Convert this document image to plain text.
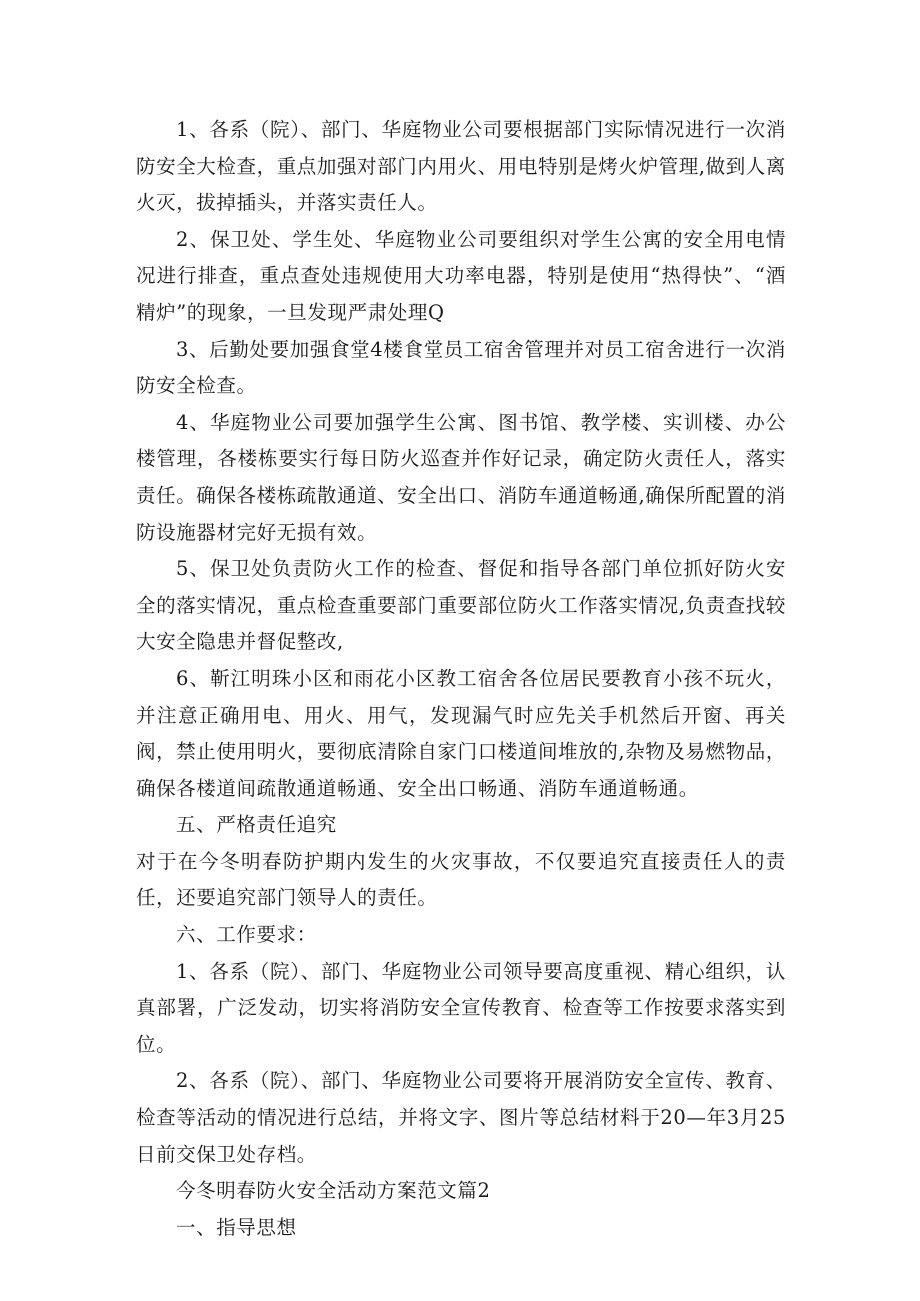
1、各系（院）、部门、华庭物业公司要根据部门实际情况进行一次消防安全大检查，重点加强对部门内用火、用电特别是烤火炉管理,做到人离火灭，拔掉插头，并落实责任人。

2、保卫处、学生处、华庭物业公司要组织对学生公寓的安全用电情况进行排查，重点查处违规使用大功率电器，特别是使用“热得快”、“酒精炉”的现象，一旦发现严肃处理Q

3、后勤处要加强食堂4楼食堂员工宿舍管理并对员工宿舍进行一次消防安全检查。

4、华庭物业公司要加强学生公寓、图书馆、教学楼、实训楼、办公楼管理，各楼栋要实行每日防火巡查并作好记录，确定防火责任人，落实责任。确保各楼栋疏散通道、安全出口、消防车通道畅通,确保所配置的消防设施器材完好无损有效。

5、保卫处负责防火工作的检查、督促和指导各部门单位抓好防火安全的落实情况，重点检查重要部门重要部位防火工作落实情况,负责查找较大安全隐患并督促整改,

6、靳江明珠小区和雨花小区教工宿舍各位居民要教育小孩不玩火，并注意正确用电、用火、用气，发现漏气时应先关手机然后开窗、再关阀，禁止使用明火，要彻底清除自家门口楼道间堆放的,杂物及易燃物品，确保各楼道间疏散通道畅通、安全出口畅通、消防车通道畅通。

五、严格责任追究

对于在今冬明春防护期内发生的火灾事故，不仅要追究直接责任人的责任，还要追究部门领导人的责任。

六、工作要求：

1、各系（院）、部门、华庭物业公司领导要高度重视、精心组织，认真部署，广泛发动，切实将消防安全宣传教育、检查等工作按要求落实到位。

2、各系（院）、部门、华庭物业公司要将开展消防安全宣传、教育、检查等活动的情况进行总结，并将文字、图片等总结材料于20—年3月25日前交保卫处存档。

今冬明春防火安全活动方案范文篇2

一、指导思想
